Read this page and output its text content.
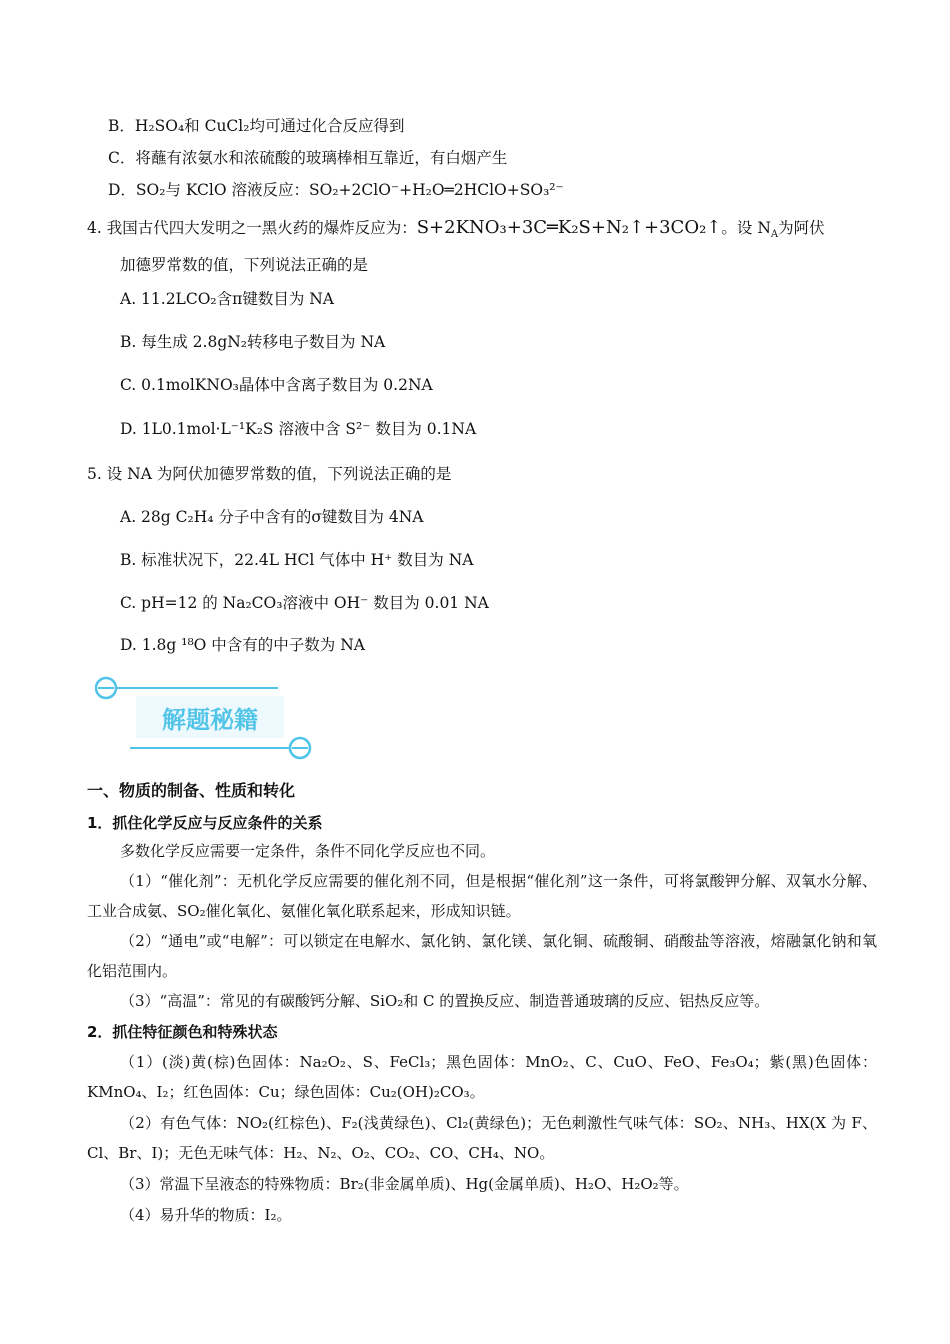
B．H₂SO₄和 CuCl₂均可通过化合反应得到
C．将蘸有浓氨水和浓硫酸的玻璃棒相互靠近，有白烟产生
D．SO₂与 KClO 溶液反应：SO₂+2ClO⁻+H₂O═2HClO+SO₃²⁻
4. 我国古代四大发明之一黑火药的爆炸反应为：S+2KNO₃+3C═K₂S+N₂↑+3CO₂↑。设 $N_A$为阿伏
加德罗常数的值，下列说法正确的是
A. 11.2LCO₂含π键数目为 NA
B. 每生成 2.8gN₂转移电子数目为 NA
C. 0.1molKNO₃晶体中含离子数目为 0.2NA
D. 1L0.1mol·L⁻¹K₂S 溶液中含 S²⁻ 数目为 0.1NA
5. 设 NA 为阿伏加德罗常数的值，下列说法正确的是
A. 28g C₂H₄ 分子中含有的σ键数目为 4NA
B. 标准状况下，22.4L HCl 气体中 H⁺ 数目为 NA
C. pH=12 的 Na₂CO₃溶液中 OH⁻ 数目为 0.01 NA
D. 1.8g ¹⁸O 中含有的中子数为 NA
解题秘籍
一、物质的制备、性质和转化
1．抓住化学反应与反应条件的关系
多数化学反应需要一定条件，条件不同化学反应也不同。
（1）“催化剂”：无机化学反应需要的催化剂不同，但是根据“催化剂”这一条件，可将氯酸钾分解、双氧水分解、工业合成氨、SO₂催化氧化、氨催化氧化联系起来，形成知识链。
（2）“通电”或“电解”：可以锁定在电解水、氯化钠、氯化镁、氯化铜、硫酸铜、硝酸盐等溶液，熔融氯化钠和氧化铝范围内。
（3）“高温”：常见的有碳酸钙分解、SiO₂和 C 的置换反应、制造普通玻璃的反应、铝热反应等。
2．抓住特征颜色和特殊状态
（1）(淡)黄(棕)色固体：Na₂O₂、S、FeCl₃；黑色固体：MnO₂、C、CuO、FeO、Fe₃O₄；紫(黑)色固体：KMnO₄、I₂；红色固体：Cu；绿色固体：Cu₂(OH)₂CO₃。
（2）有色气体：NO₂(红棕色)、F₂(浅黄绿色)、Cl₂(黄绿色)；无色刺激性气味气体：SO₂、NH₃、HX(X 为 F、Cl、Br、I)；无色无味气体：H₂、N₂、O₂、CO₂、CO、CH₄、NO。
（3）常温下呈液态的特殊物质：Br₂(非金属单质)、Hg(金属单质)、H₂O、H₂O₂等。
（4）易升华的物质：I₂。
